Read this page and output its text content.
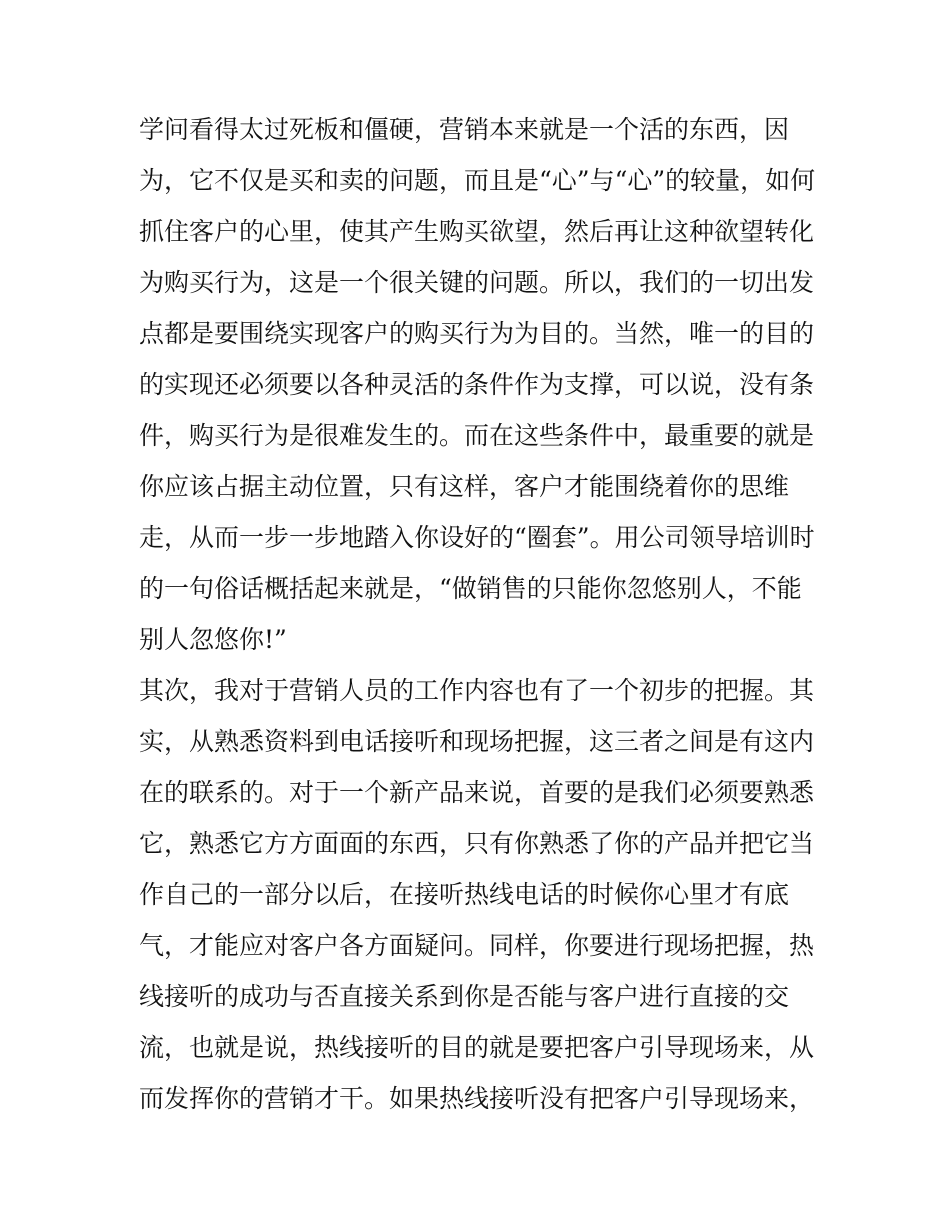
学问看得太过死板和僵硬，营销本来就是一个活的东西，因
为，它不仅是买和卖的问题，而且是“心”与“心”的较量，如何
抓住客户的心里，使其产生购买欲望，然后再让这种欲望转化
为购买行为，这是一个很关键的问题。所以，我们的一切出发
点都是要围绕实现客户的购买行为为目的。当然，唯一的目的
的实现还必须要以各种灵活的条件作为支撑，可以说，没有条
件，购买行为是很难发生的。而在这些条件中，最重要的就是
你应该占据主动位置，只有这样，客户才能围绕着你的思维
走，从而一步一步地踏入你设好的“圈套”。用公司领导培训时
的一句俗话概括起来就是，“做销售的只能你忽悠别人，不能
别人忽悠你!”
其次，我对于营销人员的工作内容也有了一个初步的把握。其
实，从熟悉资料到电话接听和现场把握，这三者之间是有这内
在的联系的。对于一个新产品来说，首要的是我们必须要熟悉
它，熟悉它方方面面的东西，只有你熟悉了你的产品并把它当
作自己的一部分以后，在接听热线电话的时候你心里才有底
气，才能应对客户各方面疑问。同样，你要进行现场把握，热
线接听的成功与否直接关系到你是否能与客户进行直接的交
流，也就是说，热线接听的目的就是要把客户引导现场来，从
而发挥你的营销才干。如果热线接听没有把客户引导现场来，
